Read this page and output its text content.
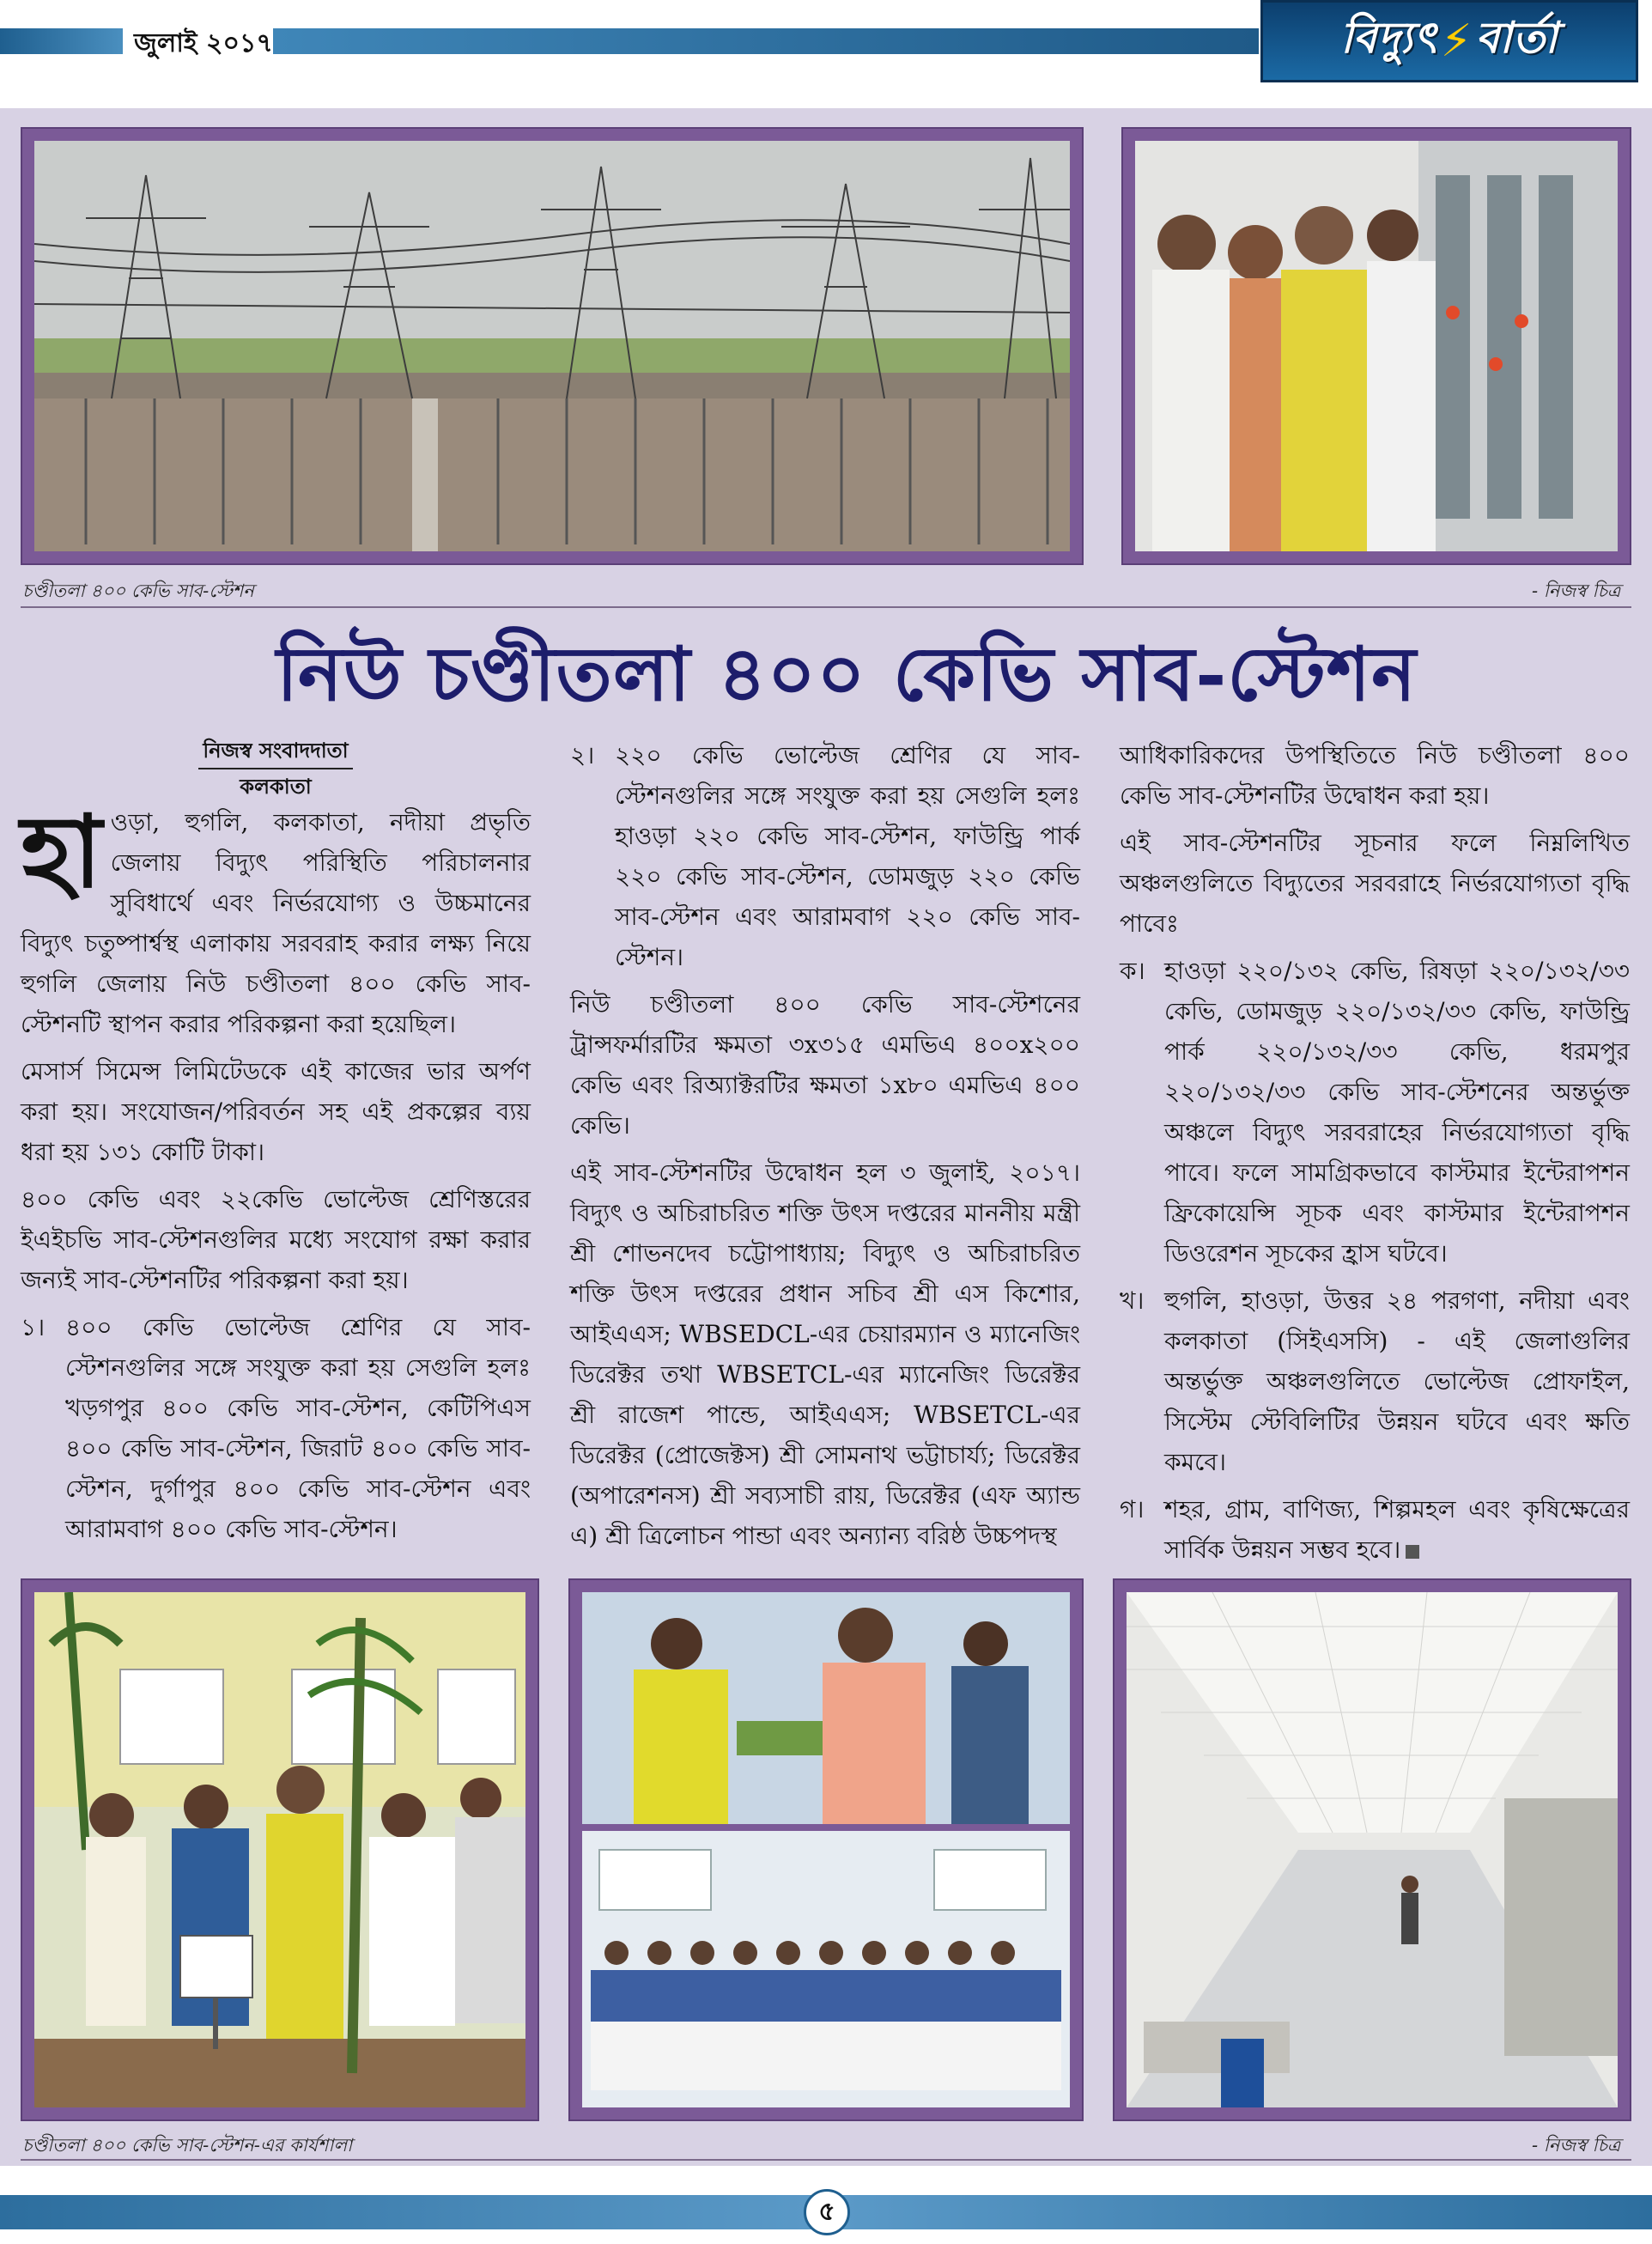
জুলাই ২০১৭	বিদ্যুৎ ⚡ বার্তা
চণ্ডীতলা ৪০০ কেভি সাব-স্টেশন	- নিজস্ব চিত্র
নিউ চণ্ডীতলা ৪০০ কেভি সাব-স্টেশন
নিজস্ব সংবাদদাতা
কলকাতা

হাওড়া, হুগলি, কলকাতা, নদীয়া প্রভৃতি জেলায় বিদ্যুৎ পরিস্থিতি পরিচালনার সুবিধার্থে এবং নির্ভরযোগ্য ও উচ্চমানের বিদ্যুৎ চতুষ্পার্শ্বস্থ এলাকায় সরবরাহ করার লক্ষ্য নিয়ে হুগলি জেলায় নিউ চণ্ডীতলা ৪০০ কেভি সাব-স্টেশনটি স্থাপন করার পরিকল্পনা করা হয়েছিল।

মেসার্স সিমেন্স লিমিটেডকে এই কাজের ভার অর্পণ করা হয়। সংযোজন/পরিবর্তন সহ এই প্রকল্পের ব্যয় ধরা হয় ১৩১ কোটি টাকা।

৪০০ কেভি এবং ২২কেভি ভোল্টেজ শ্রেণিস্তরের ইএইচভি সাব-স্টেশনগুলির মধ্যে সংযোগ রক্ষা করার জন্যই সাব-স্টেশনটির পরিকল্পনা করা হয়।

১। ৪০০ কেভি ভোল্টেজ শ্রেণির যে সাব-স্টেশনগুলির সঙ্গে সংযুক্ত করা হয় সেগুলি হলঃ খড়গপুর ৪০০ কেভি সাব-স্টেশন, কেটিপিএস ৪০০ কেভি সাব-স্টেশন, জিরাট ৪০০ কেভি সাব-স্টেশন, দুর্গাপুর ৪০০ কেভি সাব-স্টেশন এবং আরামবাগ ৪০০ কেভি সাব-স্টেশন।
২। ২২০ কেভি ভোল্টেজ শ্রেণির যে সাব-স্টেশনগুলির সঙ্গে সংযুক্ত করা হয় সেগুলি হলঃ হাওড়া ২২০ কেভি সাব-স্টেশন, ফাউন্ড্রি পার্ক ২২০ কেভি সাব-স্টেশন, ডোমজুড় ২২০ কেভি সাব-স্টেশন এবং আরামবাগ ২২০ কেভি সাব-স্টেশন।

নিউ চণ্ডীতলা ৪০০ কেভি সাব-স্টেশনের ট্রান্সফর্মারটির ক্ষমতা ৩x৩১৫ এমভিএ ৪০০x২০০ কেভি এবং রিঅ্যাক্টরটির ক্ষমতা ১x৮০ এমভিএ ৪০০ কেভি।

এই সাব-স্টেশনটির উদ্বোধন হল ৩ জুলাই, ২০১৭। বিদ্যুৎ ও অচিরাচরিত শক্তি উৎস দপ্তরের মাননীয় মন্ত্রী শ্রী শোভনদেব চট্টোপাধ্যায়; বিদ্যুৎ ও অচিরাচরিত শক্তি উৎস দপ্তরের প্রধান সচিব শ্রী এস কিশোর, আইএএস; WBSEDCL-এর চেয়ারম্যান ও ম্যানেজিং ডিরেক্টর তথা WBSETCL-এর ম্যানেজিং ডিরেক্টর শ্রী রাজেশ পান্ডে, আইএএস; WBSETCL-এর ডিরেক্টর (প্রোজেক্টস) শ্রী সোমনাথ ভট্টাচার্য্য; ডিরেক্টর (অপারেশনস) শ্রী সব্যসাচী রায়, ডিরেক্টর (এফ অ্যান্ড এ) শ্রী ত্রিলোচন পান্ডা এবং অন্যান্য বরিষ্ঠ উচ্চপদস্থ

আধিকারিকদের উপস্থিতিতে নিউ চণ্ডীতলা ৪০০ কেভি সাব-স্টেশনটির উদ্বোধন করা হয়।

এই সাব-স্টেশনটির সূচনার ফলে নিম্নলিখিত অঞ্চলগুলিতে বিদ্যুতের সরবরাহে নির্ভরযোগ্যতা বৃদ্ধি পাবেঃ

ক। হাওড়া ২২০/১৩২ কেভি, রিষড়া ২২০/১৩২/৩৩ কেভি, ডোমজুড় ২২০/১৩২/৩৩ কেভি, ফাউন্ড্রি পার্ক ২২০/১৩২/৩৩ কেভি, ধরমপুর ২২০/১৩২/৩৩ কেভি সাব-স্টেশনের অন্তর্ভুক্ত অঞ্চলে বিদ্যুৎ সরবরাহের নির্ভরযোগ্যতা বৃদ্ধি পাবে। ফলে সামগ্রিকভাবে কাস্টমার ইন্টেরাপশন ফ্রিকোয়েন্সি সূচক এবং কাস্টমার ইন্টেরাপশন ডিওরেশন সূচকের হ্রাস ঘটবে।
খ। হুগলি, হাওড়া, উত্তর ২৪ পরগণা, নদীয়া এবং কলকাতা (সিইএসসি) - এই জেলাগুলির অন্তর্ভুক্ত অঞ্চলগুলিতে ভোল্টেজ প্রোফাইল, সিস্টেম স্টেবিলিটির উন্নয়ন ঘটবে এবং ক্ষতি কমবে।
গ। শহর, গ্রাম, বাণিজ্য, শিল্পমহল এবং কৃষিক্ষেত্রের সার্বিক উন্নয়ন সম্ভব হবে।
চণ্ডীতলা ৪০০ কেভি সাব-স্টেশন-এর কার্যশালা	- নিজস্ব চিত্র
৫
